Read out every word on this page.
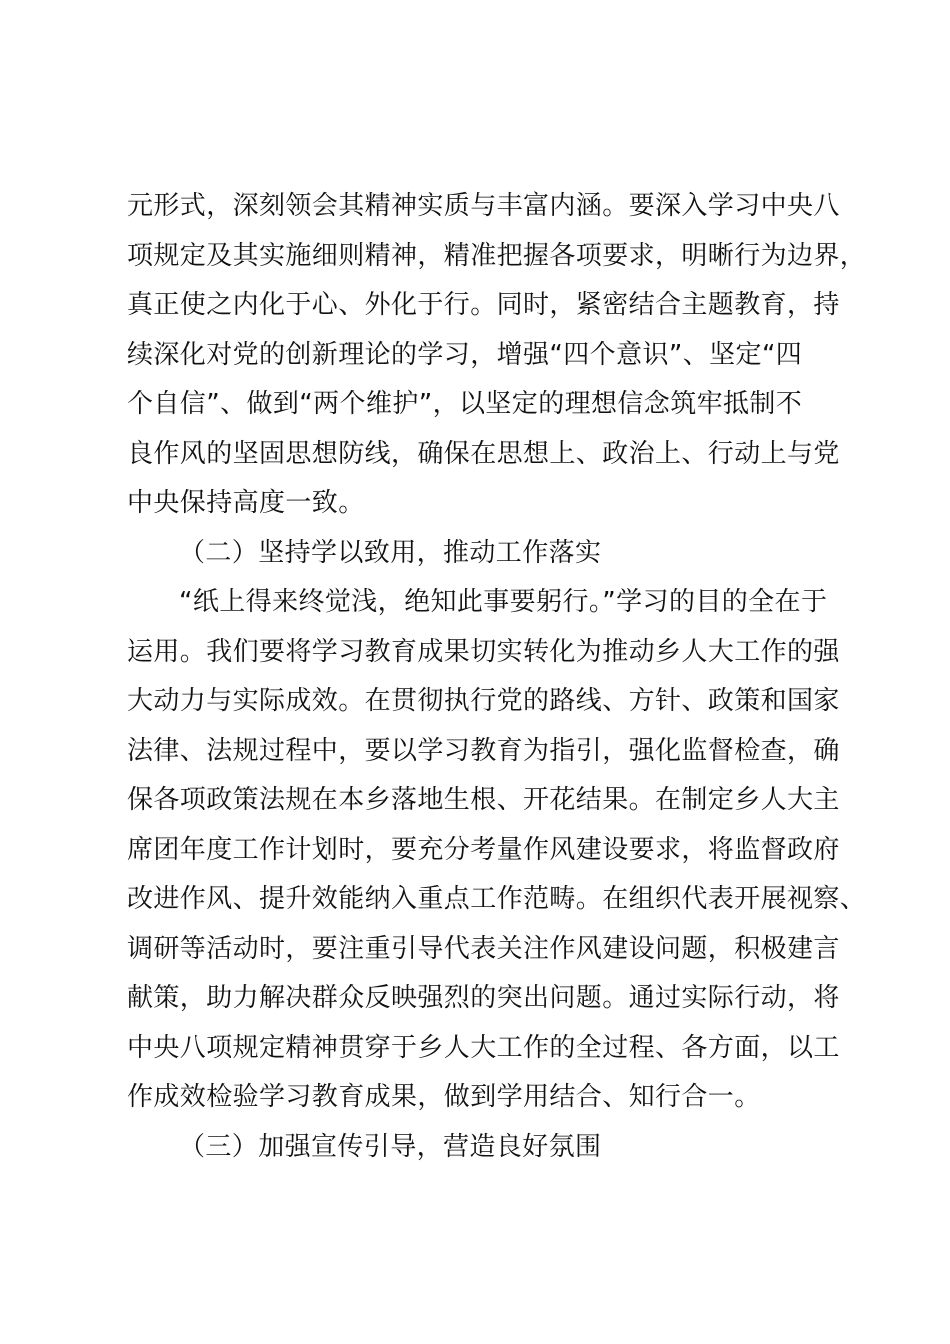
元形式，深刻领会其精神实质与丰富内涵。要深入学习中央八
项规定及其实施细则精神，精准把握各项要求，明晰行为边界，
真正使之内化于心、外化于行。同时，紧密结合主题教育，持
续深化对党的创新理论的学习，增强“四个意识”、坚定“四
个自信”、做到“两个维护”，以坚定的理想信念筑牢抵制不
良作风的坚固思想防线，确保在思想上、政治上、行动上与党
中央保持高度一致。
（二）坚持学以致用，推动工作落实
“纸上得来终觉浅，绝知此事要躬行。”学习的目的全在于
运用。我们要将学习教育成果切实转化为推动乡人大工作的强
大动力与实际成效。在贯彻执行党的路线、方针、政策和国家
法律、法规过程中，要以学习教育为指引，强化监督检查，确
保各项政策法规在本乡落地生根、开花结果。在制定乡人大主
席团年度工作计划时，要充分考量作风建设要求，将监督政府
改进作风、提升效能纳入重点工作范畴。在组织代表开展视察、
调研等活动时，要注重引导代表关注作风建设问题，积极建言
献策，助力解决群众反映强烈的突出问题。通过实际行动，将
中央八项规定精神贯穿于乡人大工作的全过程、各方面，以工
作成效检验学习教育成果，做到学用结合、知行合一。
（三）加强宣传引导，营造良好氛围
